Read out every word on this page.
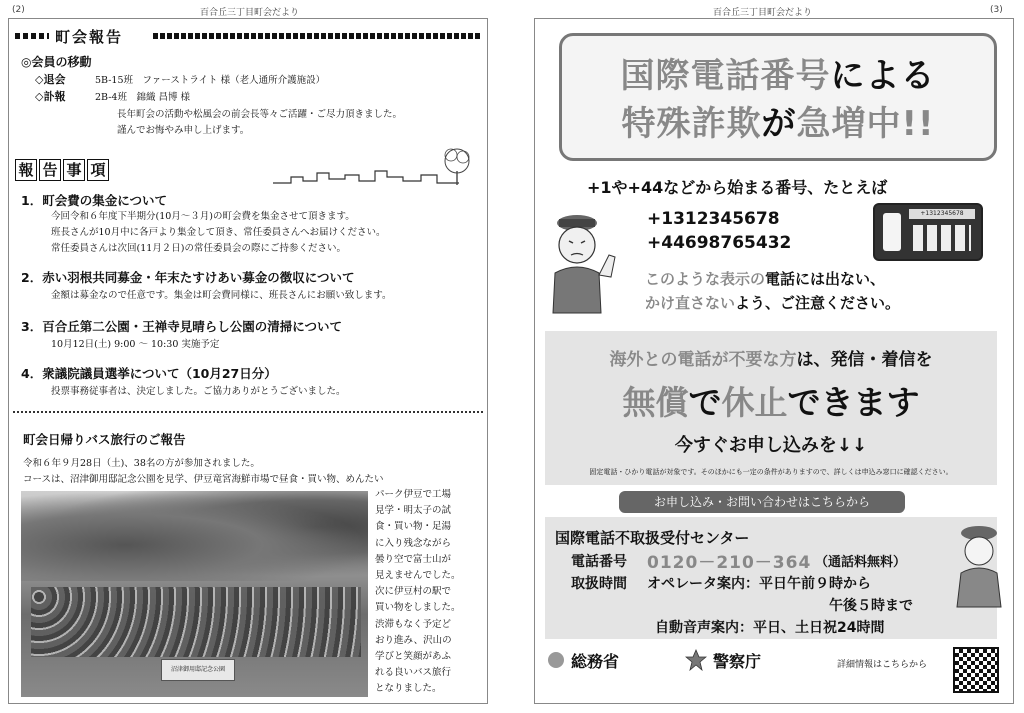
(2)	百合丘三丁目町会だより
町会報告
◎会員の移動
◇退会	5B-15班　ファーストライト 様（老人通所介護施設）
◇訃報	2B-4班　錦織 昌博 様
長年町会の活動や松風会の前会長等々ご活躍・ご尽力頂きました。
謹んでお悔やみ申し上げます。
報 告 事 項
1．町会費の集金について
今回令和６年度下半期分(10月～３月)の町会費を集金させて頂きます。
班長さんが10月中に各戸より集金して頂き、常任委員さんへお届けください。
常任委員さんは次回(11月２日)の常任委員会の際にご持参ください。
2．赤い羽根共同募金・年末たすけあい募金の徴収について
金額は募金なので任意です。集金は町会費同様に、班長さんにお願い致します。
3．百合丘第二公園・王禅寺見晴らし公園の清掃について
10月12日(土) 9:00 ～ 10:30 実施予定
4．衆議院議員選挙について（10月27日分）
投票事務従事者は、決定しました。ご協力ありがとうございました。
町会日帰りバス旅行のご報告
令和６年９月28日（土)、38名の方が参加されました。
コースは、沼津御用邸記念公園を見学、伊豆竜宮海鮮市場で昼食・買い物、めんたい
沼津御用邸記念公園
パーク伊豆で工場
見学・明太子の試
食・買い物・足湯
に入り残念ながら
曇り空で富士山が
見えませんでした。
次に伊豆村の駅で
買い物をしました。
渋滞もなく予定ど
おり進み、沢山の
学びと笑顔があふ
れる良いバス旅行
となりました。
百合丘三丁目町会だより	(3)
国際電話番号による
特殊詐欺が急増中!!
+1や+44などから始まる番号、たとえば
+1312345678
+44698765432
+1312345678
このような表示の電話には出ない、
かけ直さないよう、ご注意ください。
海外との電話が不要な方は、発信・着信を
無償で休止できます
今すぐお申し込みを↓↓
固定電話・ひかり電話が対象です。そのほかにも一定の条件がありますので、詳しくは申込み窓口に確認ください。
お申し込み・お問い合わせはこちらから
国際電話不取扱受付センター
電話番号 0120－210－364 （通話料無料）
取扱時間 オペレータ案内：平日午前９時から
午後５時まで
自動音声案内：平日、土日祝24時間
総務省	警察庁	詳細情報はこちらから
